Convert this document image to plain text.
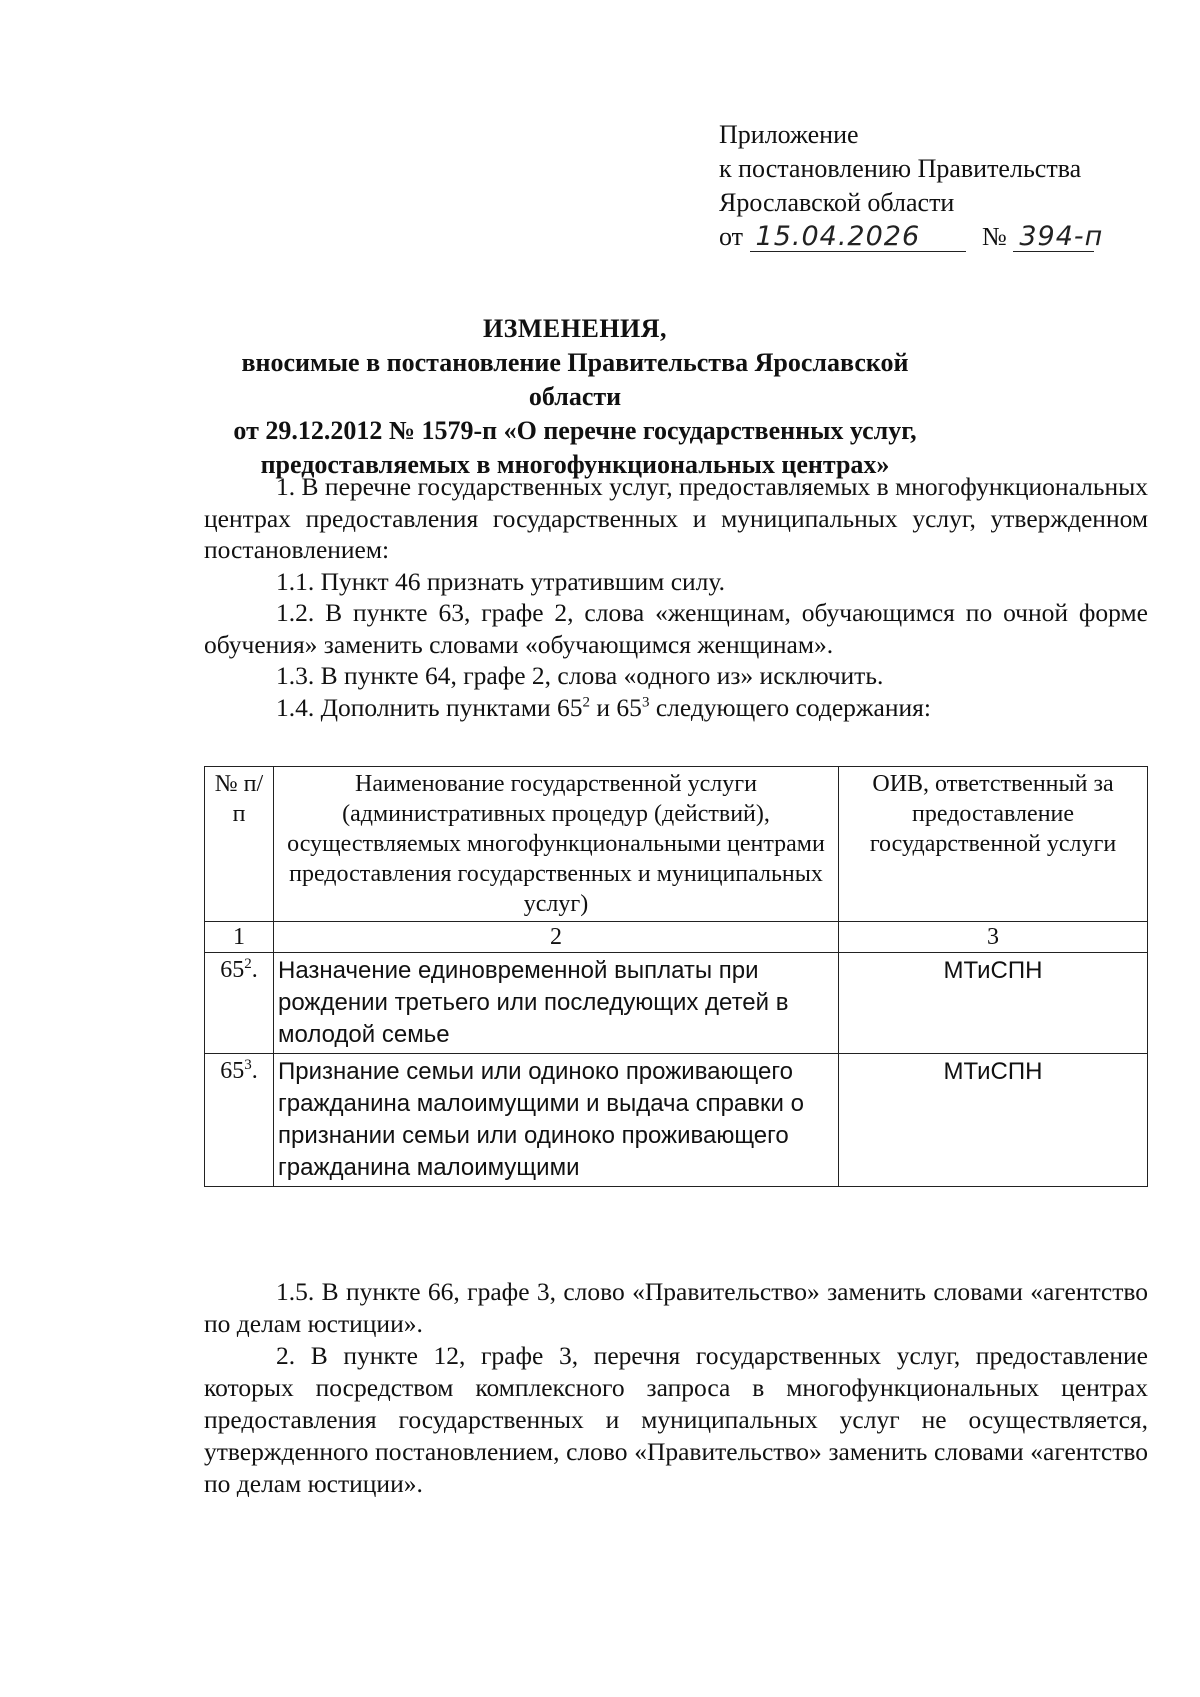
Приложение
к постановлению Правительства
Ярославской области
от 15.04.2026 № 394-п
ИЗМЕНЕНИЯ,
вносимые в постановление Правительства Ярославской области
от 29.12.2012 № 1579-п «О перечне государственных услуг,
предоставляемых в многофункциональных центрах»

1. В перечне государственных услуг, предоставляемых в многофункциональных центрах предоставления государственных и муниципальных услуг, утвержденном постановлением:

1.1. Пункт 46 признать утратившим силу.

1.2. В пункте 63, графе 2, слова «женщинам, обучающимся по очной форме обучения» заменить словами «обучающимся женщинам».

1.3. В пункте 64, графе 2, слова «одного из» исключить.

1.4. Дополнить пунктами $65^2$ и $65^3$ следующего содержания:

№ п/п	Наименование государственной услуги (административных процедур (действий), осуществляемых многофункциональными центрами предоставления государственных и муниципальных услуг)	ОИВ, ответственный за предоставление государственной услуги
1	2	3
$65^2$.	Назначение единовременной выплаты при рождении третьего или последующих детей в молодой семье	МТиСПН
$65^3$.	Признание семьи или одиноко проживающего гражданина малоимущими и выдача справки о признании семьи или одиноко проживающего гражданина малоимущими	МТиСПН

1.5. В пункте 66, графе 3, слово «Правительство» заменить словами «агентство по делам юстиции».

2. В пункте 12, графе 3, перечня государственных услуг, предоставление которых посредством комплексного запроса в многофункциональных центрах предоставления государственных и муниципальных услуг не осуществляется, утвержденного постановлением, слово «Правительство» заменить словами «агентство по делам юстиции».
